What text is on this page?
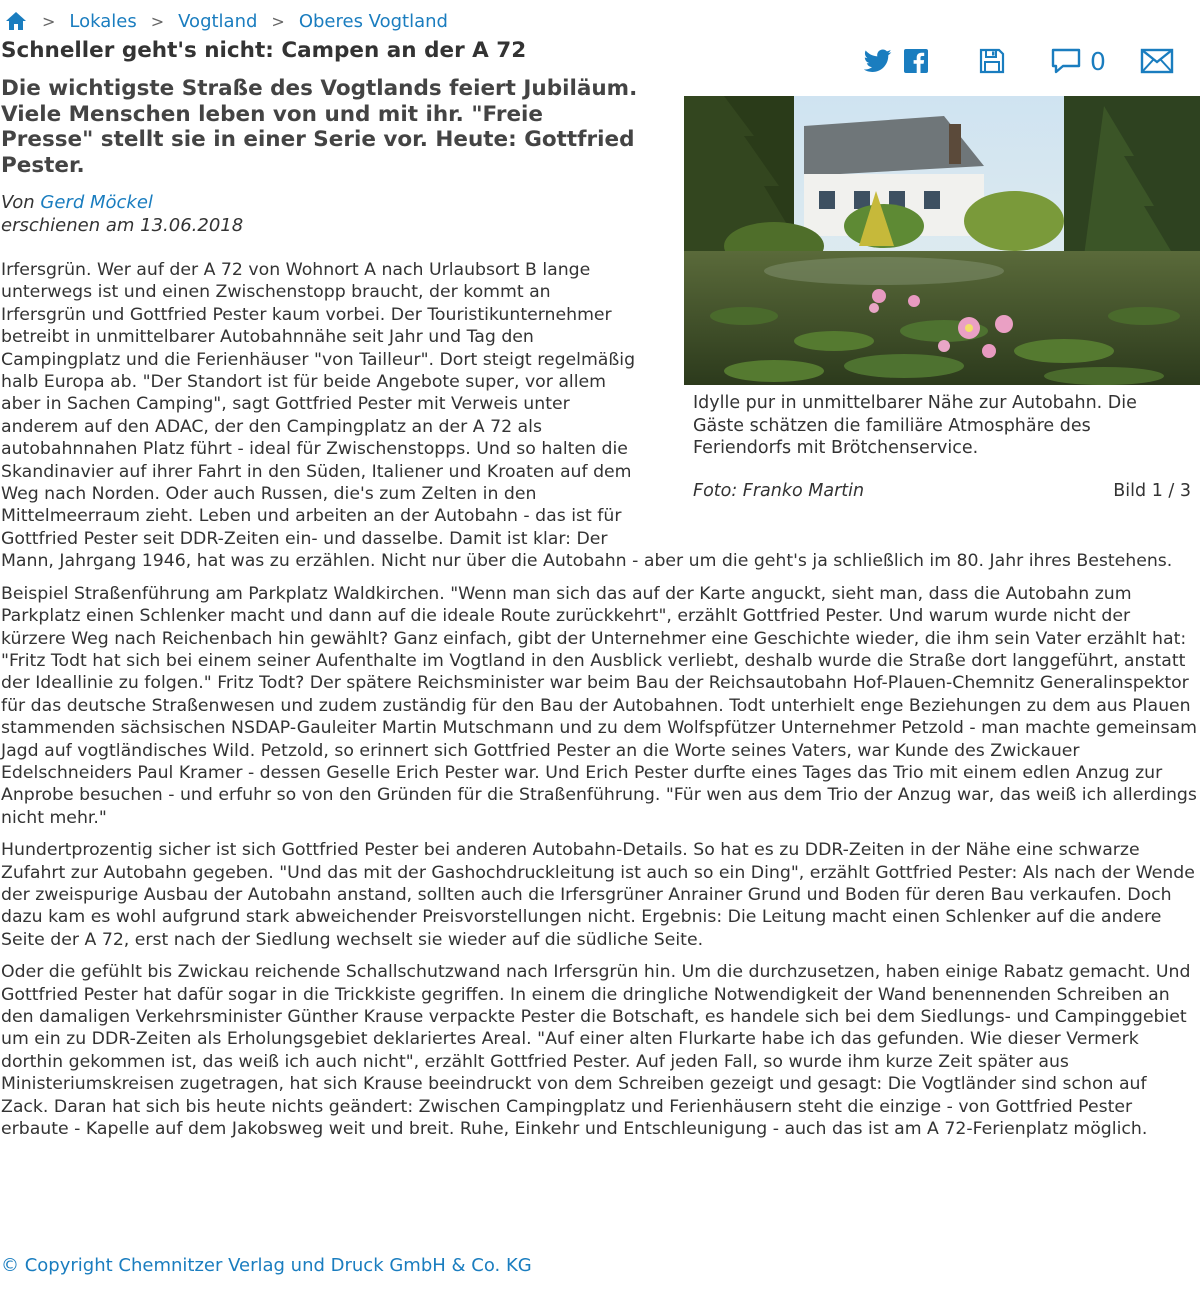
> Lokales > Vogtland > Oberes Vogtland
Schneller geht's nicht: Campen an der A 72	0

Die wichtigste Straße des Vogtlands feiert Jubiläum. Viele Menschen leben von und mit ihr. "Freie Presse" stellt sie in einer Serie vor. Heute: Gottfried Pester.

Von Gerd Möckel
erschienen am 13.06.2018
Idylle pur in unmittelbarer Nähe zur Autobahn. Die Gäste schätzen die familiäre Atmosphäre des Feriendorfs mit Brötchenservice.
Foto: Franko Martin	Bild 1 / 3

Irfersgrün. Wer auf der A 72 von Wohnort A nach Urlaubsort B lange unterwegs ist und einen Zwischenstopp braucht, der kommt an Irfersgrün und Gottfried Pester kaum vorbei. Der Touristikunternehmer betreibt in unmittelbarer Autobahnnähe seit Jahr und Tag den Campingplatz und die Ferienhäuser "von Tailleur". Dort steigt regelmäßig halb Europa ab. "Der Standort ist für beide Angebote super, vor allem aber in Sachen Camping", sagt Gottfried Pester mit Verweis unter anderem auf den ADAC, der den Campingplatz an der A 72 als autobahnnahen Platz führt - ideal für Zwischenstopps. Und so halten die Skandinavier auf ihrer Fahrt in den Süden, Italiener und Kroaten auf dem Weg nach Norden. Oder auch Russen, die's zum Zelten in den Mittelmeerraum zieht. Leben und arbeiten an der Autobahn - das ist für Gottfried Pester seit DDR-Zeiten ein- und dasselbe. Damit ist klar: Der Mann, Jahrgang 1946, hat was zu erzählen. Nicht nur über die Autobahn - aber um die geht's ja schließlich im 80. Jahr ihres Bestehens.

Beispiel Straßenführung am Parkplatz Waldkirchen. "Wenn man sich das auf der Karte anguckt, sieht man, dass die Autobahn zum Parkplatz einen Schlenker macht und dann auf die ideale Route zurückkehrt", erzählt Gottfried Pester. Und warum wurde nicht der kürzere Weg nach Reichenbach hin gewählt? Ganz einfach, gibt der Unternehmer eine Geschichte wieder, die ihm sein Vater erzählt hat: "Fritz Todt hat sich bei einem seiner Aufenthalte im Vogtland in den Ausblick verliebt, deshalb wurde die Straße dort langgeführt, anstatt der Ideallinie zu folgen." Fritz Todt? Der spätere Reichsminister war beim Bau der Reichsautobahn Hof-Plauen-Chemnitz Generalinspektor für das deutsche Straßenwesen und zudem zuständig für den Bau der Autobahnen. Todt unterhielt enge Beziehungen zu dem aus Plauen stammenden sächsischen NSDAP-Gauleiter Martin Mutschmann und zu dem Wolfspfützer Unternehmer Petzold - man machte gemeinsam Jagd auf vogtländisches Wild. Petzold, so erinnert sich Gottfried Pester an die Worte seines Vaters, war Kunde des Zwickauer Edelschneiders Paul Kramer - dessen Geselle Erich Pester war. Und Erich Pester durfte eines Tages das Trio mit einem edlen Anzug zur Anprobe besuchen - und erfuhr so von den Gründen für die Straßenführung. "Für wen aus dem Trio der Anzug war, das weiß ich allerdings nicht mehr."

Hundertprozentig sicher ist sich Gottfried Pester bei anderen Autobahn-Details. So hat es zu DDR-Zeiten in der Nähe eine schwarze Zufahrt zur Autobahn gegeben. "Und das mit der Gashochdruckleitung ist auch so ein Ding", erzählt Gottfried Pester: Als nach der Wende der zweispurige Ausbau der Autobahn anstand, sollten auch die Irfersgrüner Anrainer Grund und Boden für deren Bau verkaufen. Doch dazu kam es wohl aufgrund stark abweichender Preisvorstellungen nicht. Ergebnis: Die Leitung macht einen Schlenker auf die andere Seite der A 72, erst nach der Siedlung wechselt sie wieder auf die südliche Seite.

Oder die gefühlt bis Zwickau reichende Schallschutzwand nach Irfersgrün hin. Um die durchzusetzen, haben einige Rabatz gemacht. Und Gottfried Pester hat dafür sogar in die Trickkiste gegriffen. In einem die dringliche Notwendigkeit der Wand benennenden Schreiben an den damaligen Verkehrsminister Günther Krause verpackte Pester die Botschaft, es handele sich bei dem Siedlungs- und Campinggebiet um ein zu DDR-Zeiten als Erholungsgebiet deklariertes Areal. "Auf einer alten Flurkarte habe ich das gefunden. Wie dieser Vermerk dorthin gekommen ist, das weiß ich auch nicht", erzählt Gottfried Pester. Auf jeden Fall, so wurde ihm kurze Zeit später aus Ministeriumskreisen zugetragen, hat sich Krause beeindruckt von dem Schreiben gezeigt und gesagt: Die Vogtländer sind schon auf Zack. Daran hat sich bis heute nichts geändert: Zwischen Campingplatz und Ferienhäusern steht die einzige - von Gottfried Pester erbaute - Kapelle auf dem Jakobsweg weit und breit. Ruhe, Einkehr und Entschleunigung - auch das ist am A 72-Ferienplatz möglich.

© Copyright Chemnitzer Verlag und Druck GmbH & Co. KG
